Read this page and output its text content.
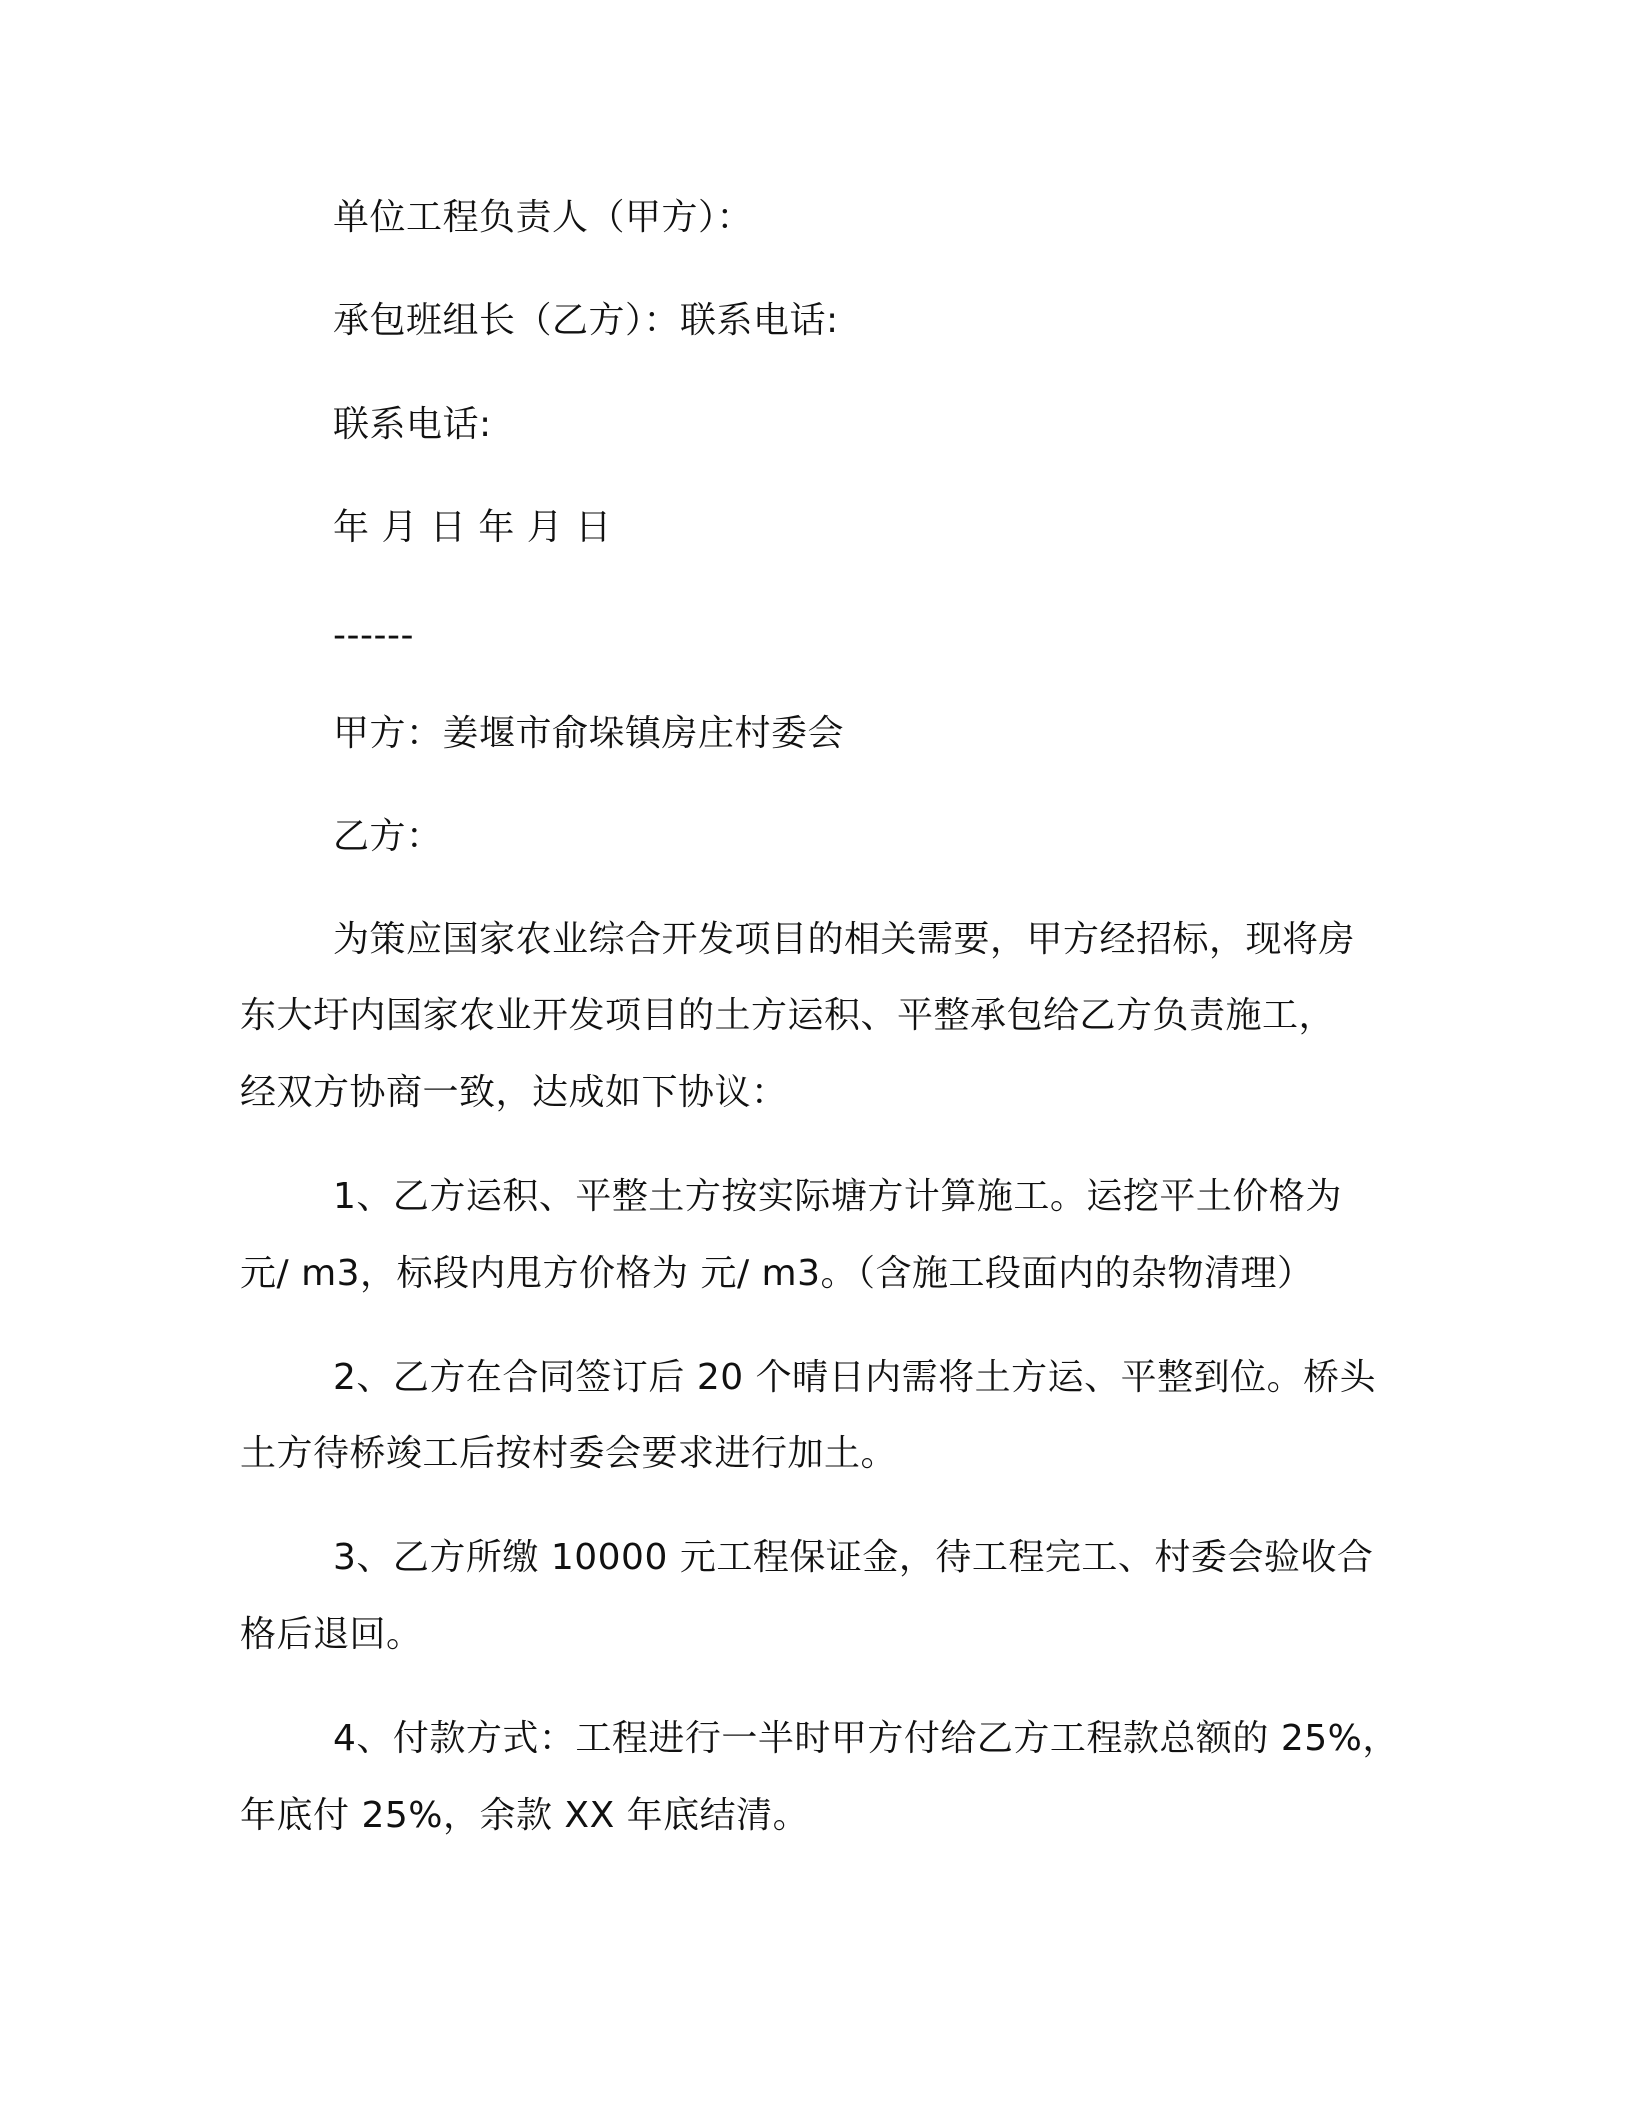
单位工程负责人（甲方）：
承包班组长（乙方）：联系电话:
联系电话:
年 月 日 年 月 日
------
甲方：姜堰市俞垛镇房庄村委会
乙方：
为策应国家农业综合开发项目的相关需要，甲方经招标，现将房
东大圩内国家农业开发项目的土方运积、平整承包给乙方负责施工，
经双方协商一致，达成如下协议：
1、乙方运积、平整土方按实际塘方计算施工。运挖平土价格为
元/ m3，标段内甩方价格为 元/ m3。（含施工段面内的杂物清理）
2、乙方在合同签订后 20 个晴日内需将土方运、平整到位。桥头
土方待桥竣工后按村委会要求进行加土。
3、乙方所缴 10000 元工程保证金，待工程完工、村委会验收合
格后退回。
4、付款方式：工程进行一半时甲方付给乙方工程款总额的 25%，
年底付 25%，余款 XX 年底结清。
